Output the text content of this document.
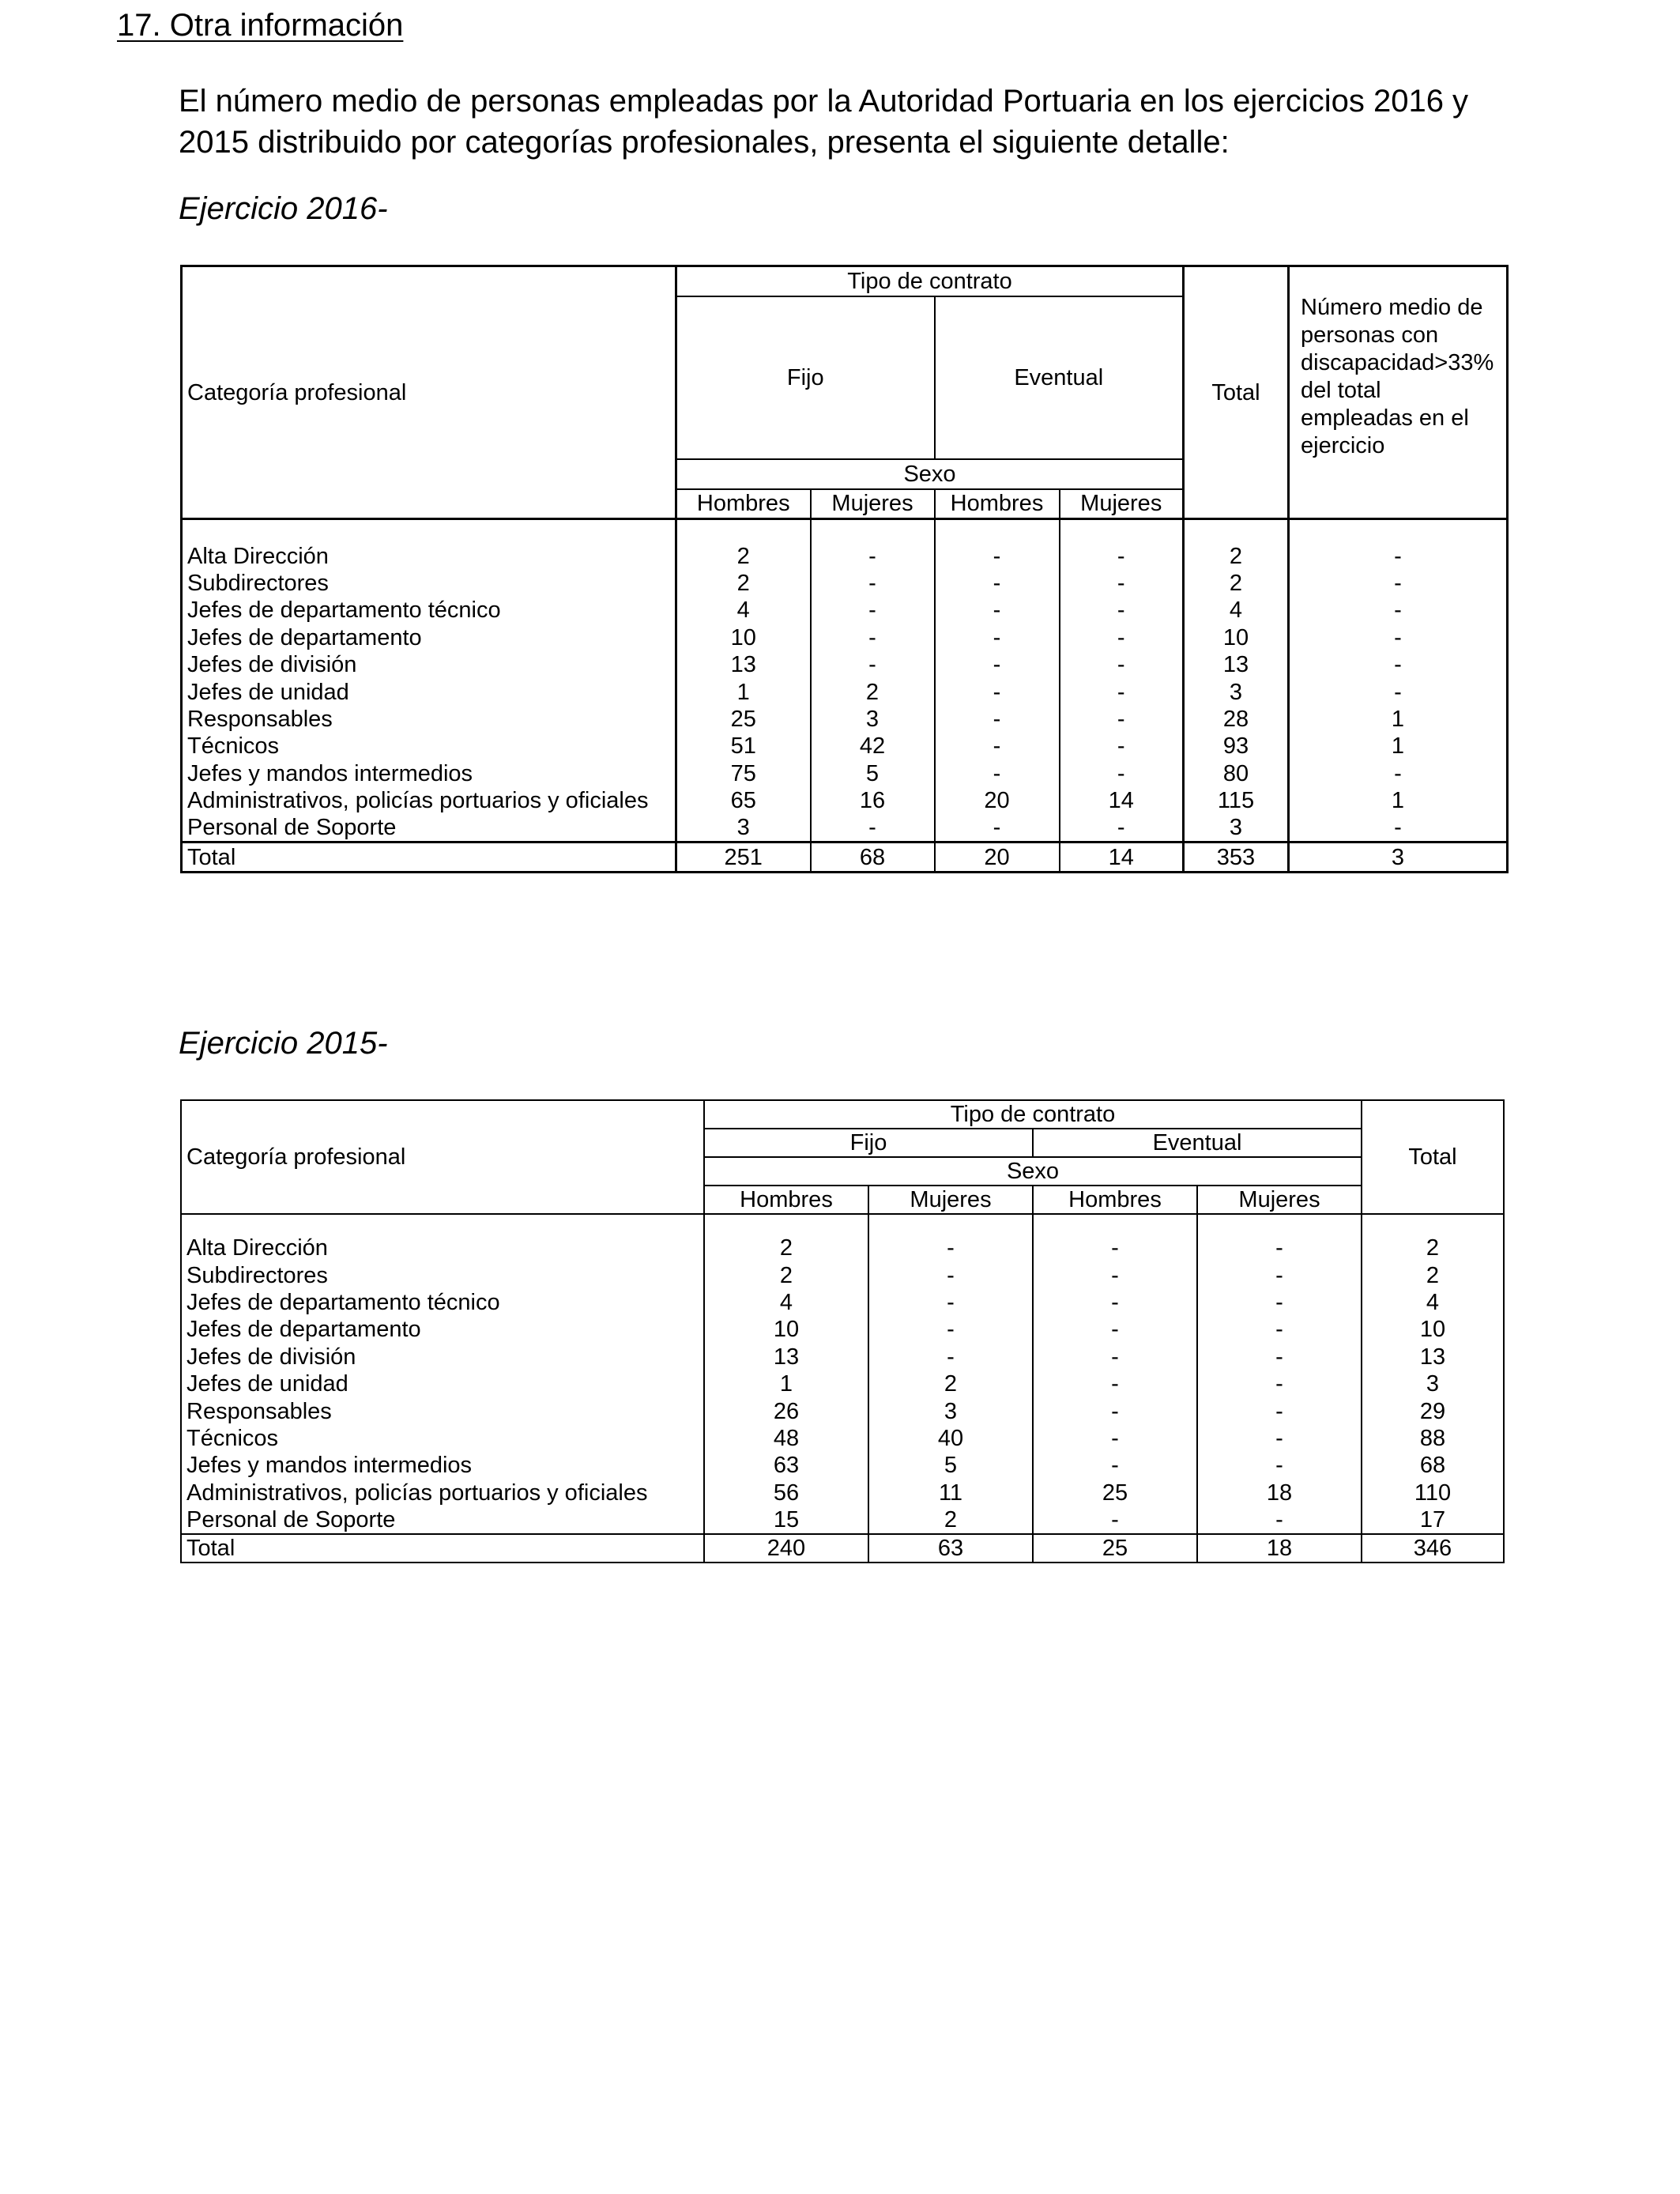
17. Otra información
El número medio de personas empleadas por la Autoridad Portuaria en los ejercicios 2016 y 2015 distribuido por categorías profesionales, presenta el siguiente detalle:
Ejercicio 2016-
Categoría profesional	Tipo de contrato				Total	Número medio de personas con discapacidad>33% del total empleadas en el ejercicio
	Fijo		Eventual			
	Sexo					
	Hombres	Mujeres	Hombres	Mujeres		

Alta Dirección	2	-	-	-	2	-
Subdirectores	2	-	-	-	2	-
Jefes de departamento técnico	4	-	-	-	4	-
Jefes de departamento	10	-	-	-	10	-
Jefes de división	13	-	-	-	13	-
Jefes de unidad	1	2	-	-	3	-
Responsables	25	3	-	-	28	1
Técnicos	51	42	-	-	93	1
Jefes y mandos intermedios	75	5	-	-	80	-
Administrativos, policías portuarios y oficiales	65	16	20	14	115	1
Personal de Soporte	3	-	-	-	3	-
Total	251	68	20	14	353	3
Ejercicio 2015-
Categoría profesional	Tipo de contrato				Total
	Fijo		Eventual		
	Sexo				
	Hombres	Mujeres	Hombres	Mujeres	

Alta Dirección	2	-	-	-	2
Subdirectores	2	-	-	-	2
Jefes de departamento técnico	4	-	-	-	4
Jefes de departamento	10	-	-	-	10
Jefes de división	13	-	-	-	13
Jefes de unidad	1	2	-	-	3
Responsables	26	3	-	-	29
Técnicos	48	40	-	-	88
Jefes y mandos intermedios	63	5	-	-	68
Administrativos, policías portuarios y oficiales	56	11	25	18	110
Personal de Soporte	15	2	-	-	17
Total	240	63	25	18	346
